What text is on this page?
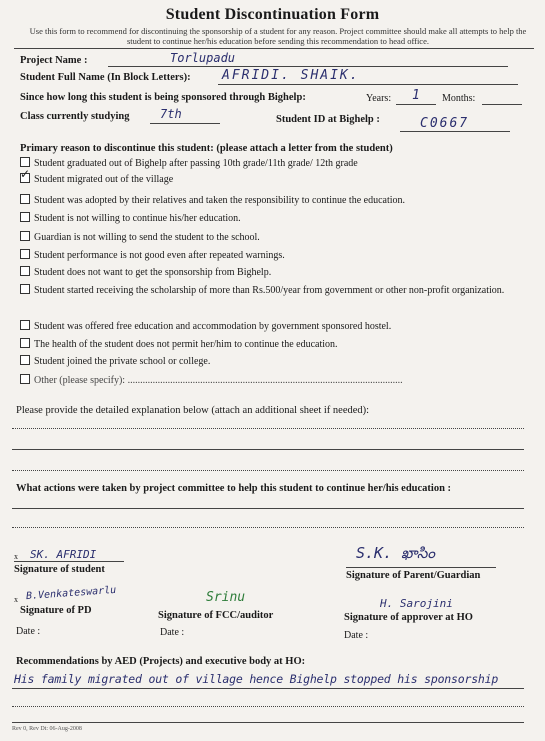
Student Discontinuation Form
Use this form to recommend for discontinuing the sponsorship of a student for any reason. Project committee should make all attempts to help the student to continue her/his education before sending this recommendation to head office.
Project Name :	Torlupadu
Student Full Name (In Block Letters): AFRIDI. SHAIK.
Since how long this student is being sponsored through Bighelp:	Years: 1 Months:
Class currently studying	7th	Student ID at Bighelp :	C0667
Primary reason to discontinue this student: (please attach a letter from the student)
Student graduated out of Bighelp after passing 10th grade/11th grade/ 12th grade
✓Student migrated out of the village
Student was adopted by their relatives and taken the responsibility to continue the education.
Student is not willing to continue his/her education.
Guardian is not willing to send the student to the school.
Student performance is not good even after repeated warnings.
Student does not want to get the sponsorship from Bighelp.
Student started receiving the scholarship of more than Rs.500/year from government or other non-profit organization.
Student was offered free education and accommodation by government sponsored hostel.
The health of the student does not permit her/him to continue the education.
Student joined the private school or college.
Other (please specify): ..............................................................................................................
Please provide the detailed explanation below (attach an additional sheet if needed):
What actions were taken by project committee to help this student to continue her/his education :
x SK. AFRIDI
Signature of student
S.K. ఖాసిం
Signature of Parent/Guardian
x B.Venkateswarlu
Signature of PD
Date :
Srinu
Signature of FCC/auditor
Date :
H. Sarojini
Signature of approver at HO
Date :
Recommendations by AED (Projects) and executive body at HO:
His family migrated out of village hence Bighelp stopped his sponsorship
Rev 0, Rev Dt: 06-Aug-2008
